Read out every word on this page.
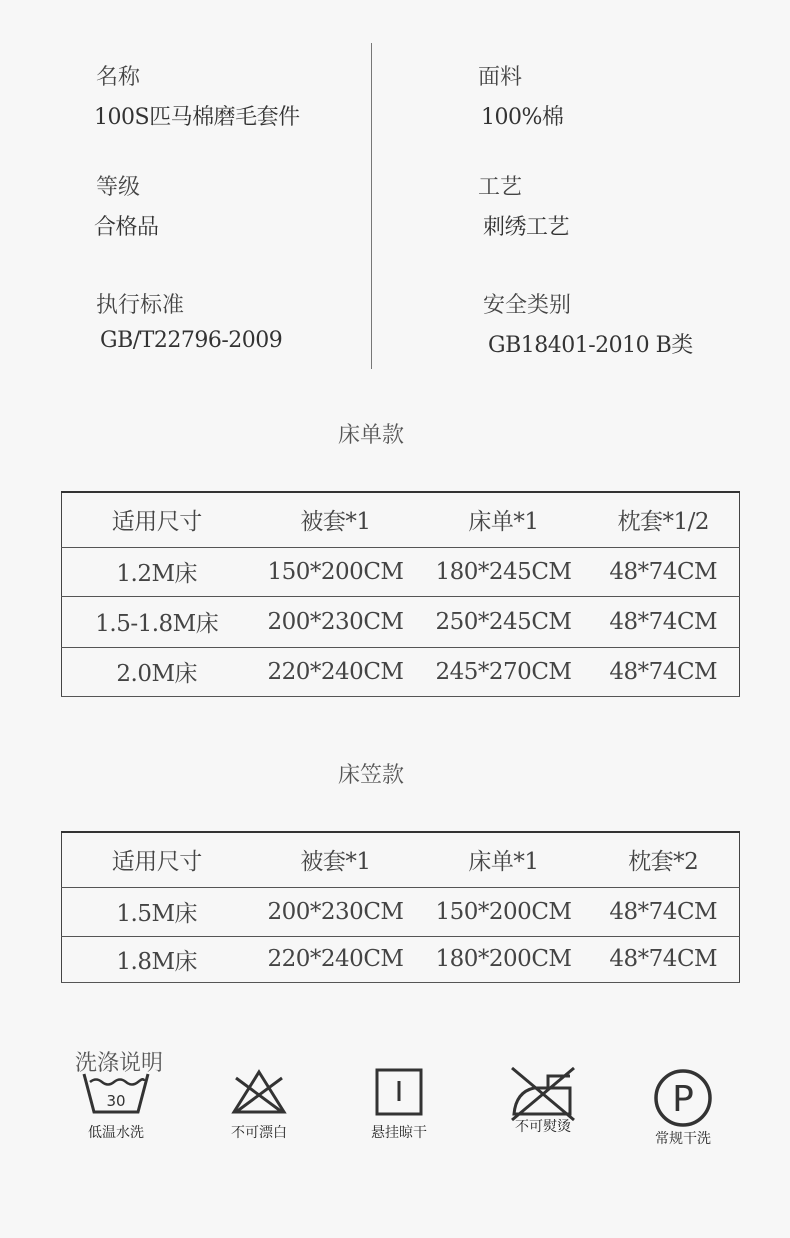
名称
100S匹马棉磨毛套件
面料
100%棉
等级
合格品
工艺
刺绣工艺
执行标准
GB/T22796-2009
安全类别
GB18401-2010 B类
床单款
适用尺寸	被套*1	床单*1	枕套*1/2
1.2M床	150*200CM	180*245CM	48*74CM
1.5-1.8M床	200*230CM	250*245CM	48*74CM
2.0M床	220*240CM	245*270CM	48*74CM
床笠款
适用尺寸	被套*1	床单*1	枕套*2
1.5M床	200*230CM	150*200CM	48*74CM
1.8M床	220*240CM	180*200CM	48*74CM
洗涤说明
30
低温水洗	不可漂白	悬挂晾干	不可熨烫
P
常规干洗
